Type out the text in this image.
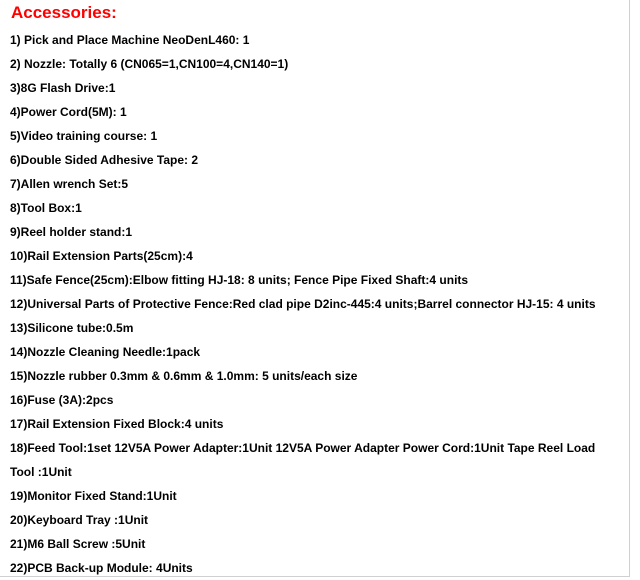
Accessories:
1) Pick and Place Machine NeoDenL460: 1
2) Nozzle: Totally 6 (CN065=1,CN100=4,CN140=1)
3)8G Flash Drive:1
4)Power Cord(5M): 1
5)Video training course: 1
6)Double Sided Adhesive Tape: 2
7)Allen wrench Set:5
8)Tool Box:1
9)Reel holder stand:1
10)Rail Extension Parts(25cm):4
11)Safe Fence(25cm):Elbow fitting HJ-18: 8 units; Fence Pipe Fixed Shaft:4 units
12)Universal Parts of Protective Fence:Red clad pipe D2inc-445:4 units;Barrel connector HJ-15: 4 units
13)Silicone tube:0.5m
14)Nozzle Cleaning Needle:1pack
15)Nozzle rubber 0.3mm & 0.6mm & 1.0mm: 5 units/each size
16)Fuse (3A):2pcs
17)Rail Extension Fixed Block:4 units
18)Feed Tool:1set 12V5A Power Adapter:1Unit 12V5A Power Adapter Power Cord:1Unit Tape Reel Load Tool :1Unit
19)Monitor Fixed Stand:1Unit
20)Keyboard Tray :1Unit
21)M6 Ball Screw :5Unit
22)PCB Back-up Module: 4Units
